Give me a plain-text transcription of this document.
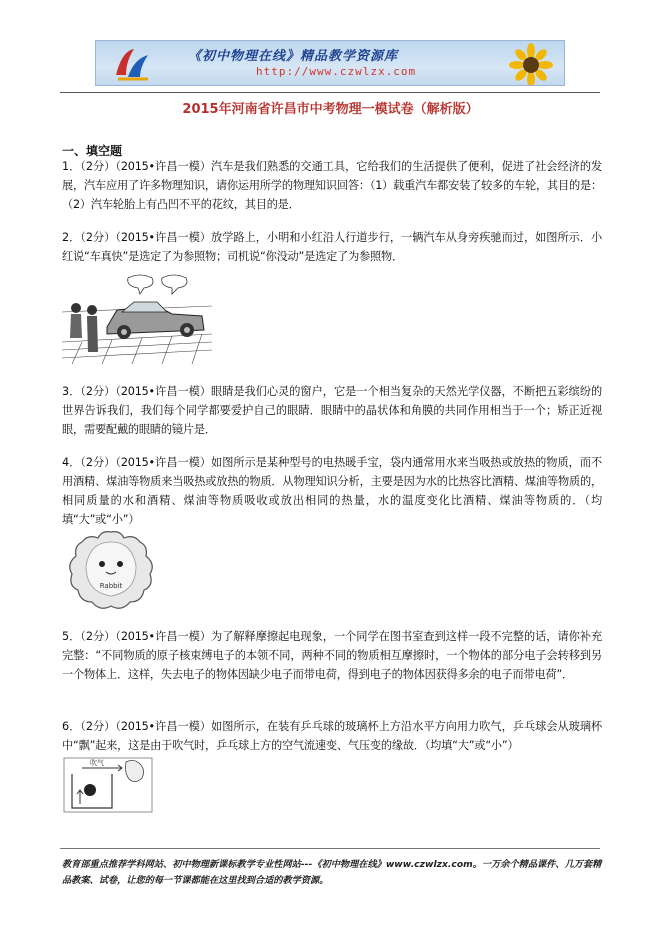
《初中物理在线》精品教学资源库
http://www.czwlzx.com
2015年河南省许昌市中考物理一模试卷（解析版）
一、填空题
1．（2分）（2015•许昌一模）汽车是我们熟悉的交通工具，它给我们的生活提供了便利，促进了社会经济的发展，汽车应用了许多物理知识，请你运用所学的物理知识回答：（1）载重汽车都安装了较多的车轮，其目的是：（2）汽车轮胎上有凸凹不平的花纹，其目的是．
2．（2分）（2015•许昌一模）放学路上，小明和小红沿人行道步行，一辆汽车从身旁疾驰而过，如图所示．小红说“车真快”是选定了为参照物；司机说“你没动”是选定了为参照物．
3．（2分）（2015•许昌一模）眼睛是我们心灵的窗户，它是一个相当复杂的天然光学仪器，不断把五彩缤纷的世界告诉我们，我们每个同学都要爱护自己的眼睛．眼睛中的晶状体和角膜的共同作用相当于一个；矫正近视眼，需要配戴的眼睛的镜片是．
4．（2分）（2015•许昌一模）如图所示是某种型号的电热暖手宝，袋内通常用水来当吸热或放热的物质，而不用酒精、煤油等物质来当吸热或放热的物质．从物理知识分析，主要是因为水的比热容比酒精、煤油等物质的，相同质量的水和酒精、煤油等物质吸收或放出相同的热量，水的温度变化比酒精、煤油等物质的．（均填“大”或“小”）
Rabbit
5．（2分）（2015•许昌一模）为了解释摩擦起电现象，一个同学在图书室查到这样一段不完整的话，请你补充完整：“不同物质的原子核束缚电子的本领不同，两种不同的物质相互摩擦时，一个物体的部分电子会转移到另一个物体上．这样，失去电子的物体因缺少电子而带电荷，得到电子的物体因获得多余的电子而带电荷”．
6．（2分）（2015•许昌一模）如图所示，在装有乒乓球的玻璃杯上方沿水平方向用力吹气，乒乓球会从玻璃杯中“飘”起来，这是由于吹气时，乒乓球上方的空气流速变、气压变的缘故．（均填“大”或“小”）
吹气
教育部重点推荐学科网站、初中物理新课标教学专业性网站---《初中物理在线》www.czwlzx.com。一万余个精品课件、几万套精品教案、试卷，让您的每一节课都能在这里找到合适的教学资源。
